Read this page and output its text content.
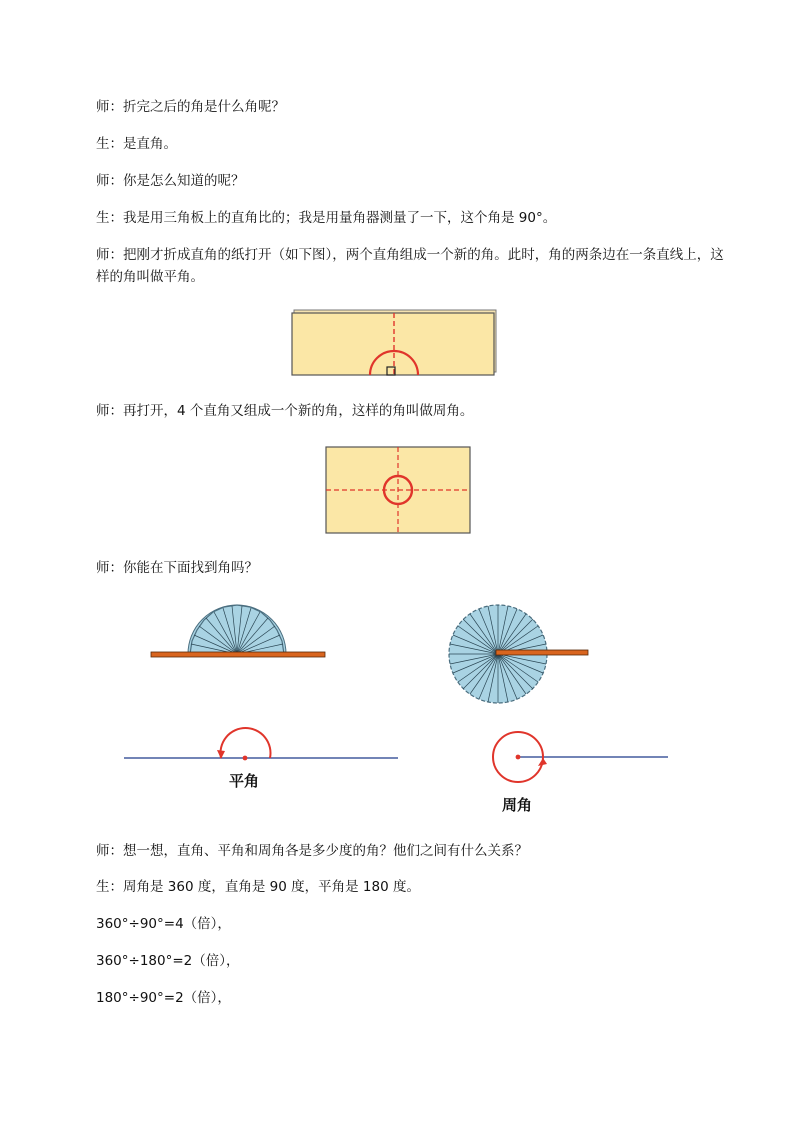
师：折完之后的角是什么角呢？

生：是直角。

师：你是怎么知道的呢？

生：我是用三角板上的直角比的；我是用量角器测量了一下，这个角是 90°。

师：把刚才折成直角的纸打开（如下图），两个直角组成一个新的角。此时，角的两条边在一条直线上，这样的角叫做平角。

师：再打开，4 个直角又组成一个新的角，这样的角叫做周角。

师：你能在下面找到角吗？

平角
周角

师：想一想，直角、平角和周角各是多少度的角？他们之间有什么关系？

生：周角是 360 度，直角是 90 度，平角是 180 度。

360°÷90°=4（倍），

360°÷180°=2（倍），

180°÷90°=2（倍），
